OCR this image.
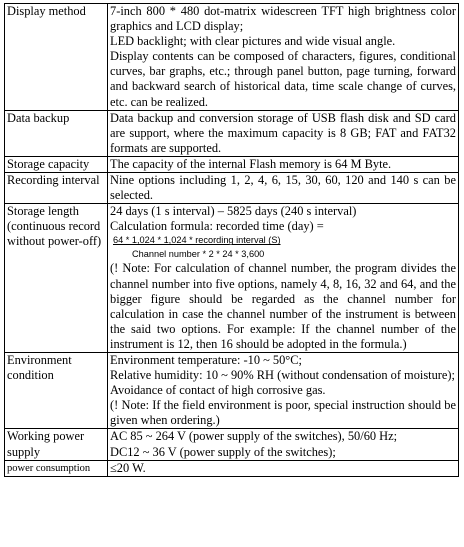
Display method	7-inch 800 * 480 dot-matrix widescreen TFT high brightness color graphics and LCD display;
LED backlight; with clear pictures and wide visual angle.
Display contents can be composed of characters, figures, conditional curves, bar graphs, etc.; through panel button, page turning, forward and backward search of historical data, time scale change of curves, etc. can be realized.

Data backup	Data backup and conversion storage of USB flash disk and SD card are support, where the maximum capacity is 8 GB; FAT and FAT32 formats are supported.

Storage capacity	The capacity of the internal Flash memory is 64 M Byte.

Recording interval	Nine options including 1, 2, 4, 6, 15, 30, 60, 120 and 140 s can be selected.

Storage length (continuous record without power-off)	24 days (1 s interval) – 5825 days (240 s interval)
Calculation formula: recorded time (day) =
64 * 1,024 * 1,024 * recording interval (S)
Channel number * 2 * 24 * 3,600
(! Note: For calculation of channel number, the program divides the channel number into five options, namely 4, 8, 16, 32 and 64, and the bigger figure should be regarded as the channel number for calculation in case the channel number of the instrument is between the said two options. For example: If the channel number of the instrument is 12, then 16 should be adopted in the formula.)

Environment condition	Environment temperature: -10 ~ 50°C;
Relative humidity: 10 ~ 90% RH (without condensation of moisture);
Avoidance of contact of high corrosive gas.
(! Note: If the field environment is poor, special instruction should be given when ordering.)

Working power supply	AC 85 ~ 264 V (power supply of the switches), 50/60 Hz;
DC12 ~ 36 V (power supply of the switches);

power consumption	≤20 W.
